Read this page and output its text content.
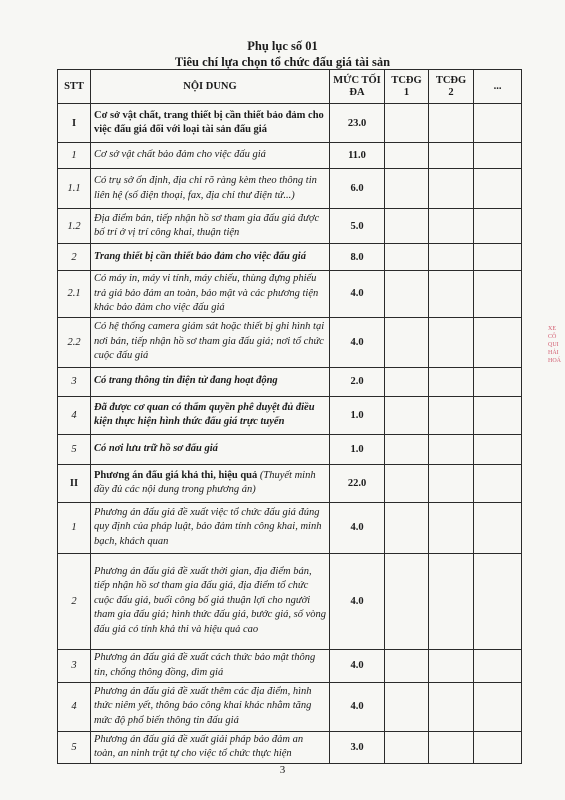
Phụ lục số 01
Tiêu chí lựa chọn tổ chức đấu giá tài sản
STT	NỘI DUNG	MỨC TỐI ĐA	TCĐG 1	TCĐG 2	...
I	Cơ sở vật chất, trang thiết bị cần thiết bảo đảm cho việc đấu giá đối với loại tài sản đấu giá	23.0			
1	Cơ sở vật chất bảo đảm cho việc đấu giá	11.0			
1.1	Có trụ sở ổn định, địa chỉ rõ ràng kèm theo thông tin liên hệ (số điện thoại, fax, địa chỉ thư điện tử...)	6.0			
1.2	Địa điểm bán, tiếp nhận hồ sơ tham gia đấu giá được bố trí ở vị trí công khai, thuận tiện	5.0			
2	Trang thiết bị cần thiết bảo đảm cho việc đấu giá	8.0			
2.1	Có máy in, máy vi tính, máy chiếu, thùng đựng phiếu trả giá bảo đảm an toàn, bảo mật và các phương tiện khác bảo đảm cho việc đấu giá	4.0			
2.2	Có hệ thống camera giám sát hoặc thiết bị ghi hình tại nơi bán, tiếp nhận hồ sơ tham gia đấu giá; nơi tổ chức cuộc đấu giá	4.0			
3	Có trang thông tin điện tử đang hoạt động	2.0			
4	Đã được cơ quan có thẩm quyền phê duyệt đủ điều kiện thực hiện hình thức đấu giá trực tuyến	1.0			
5	Có nơi lưu trữ hồ sơ đấu giá	1.0			
II	Phương án đấu giá khả thi, hiệu quả (Thuyết minh đầy đủ các nội dung trong phương án)	22.0			
1	Phương án đấu giá đề xuất việc tổ chức đấu giá đúng quy định của pháp luật, bảo đảm tính công khai, minh bạch, khách quan	4.0			
2	Phương án đấu giá đề xuất thời gian, địa điểm bán, tiếp nhận hồ sơ tham gia đấu giá, địa điểm tổ chức cuộc đấu giá, buổi công bố giá thuận lợi cho người tham gia đấu giá; hình thức đấu giá, bước giá, số vòng đấu giá có tính khả thi và hiệu quả cao	4.0			
3	Phương án đấu giá đề xuất cách thức bảo mật thông tin, chống thông đồng, dìm giá	4.0			
4	Phương án đấu giá đề xuất thêm các địa điểm, hình thức niêm yết, thông báo công khai khác nhằm tăng mức độ phổ biến thông tin đấu giá	4.0			
5	Phương án đấu giá đề xuất giải pháp bảo đảm an toàn, an ninh trật tự cho việc tổ chức thực hiện	3.0			
XE
CÔ
QUI
HẢI
HOÁ
3
